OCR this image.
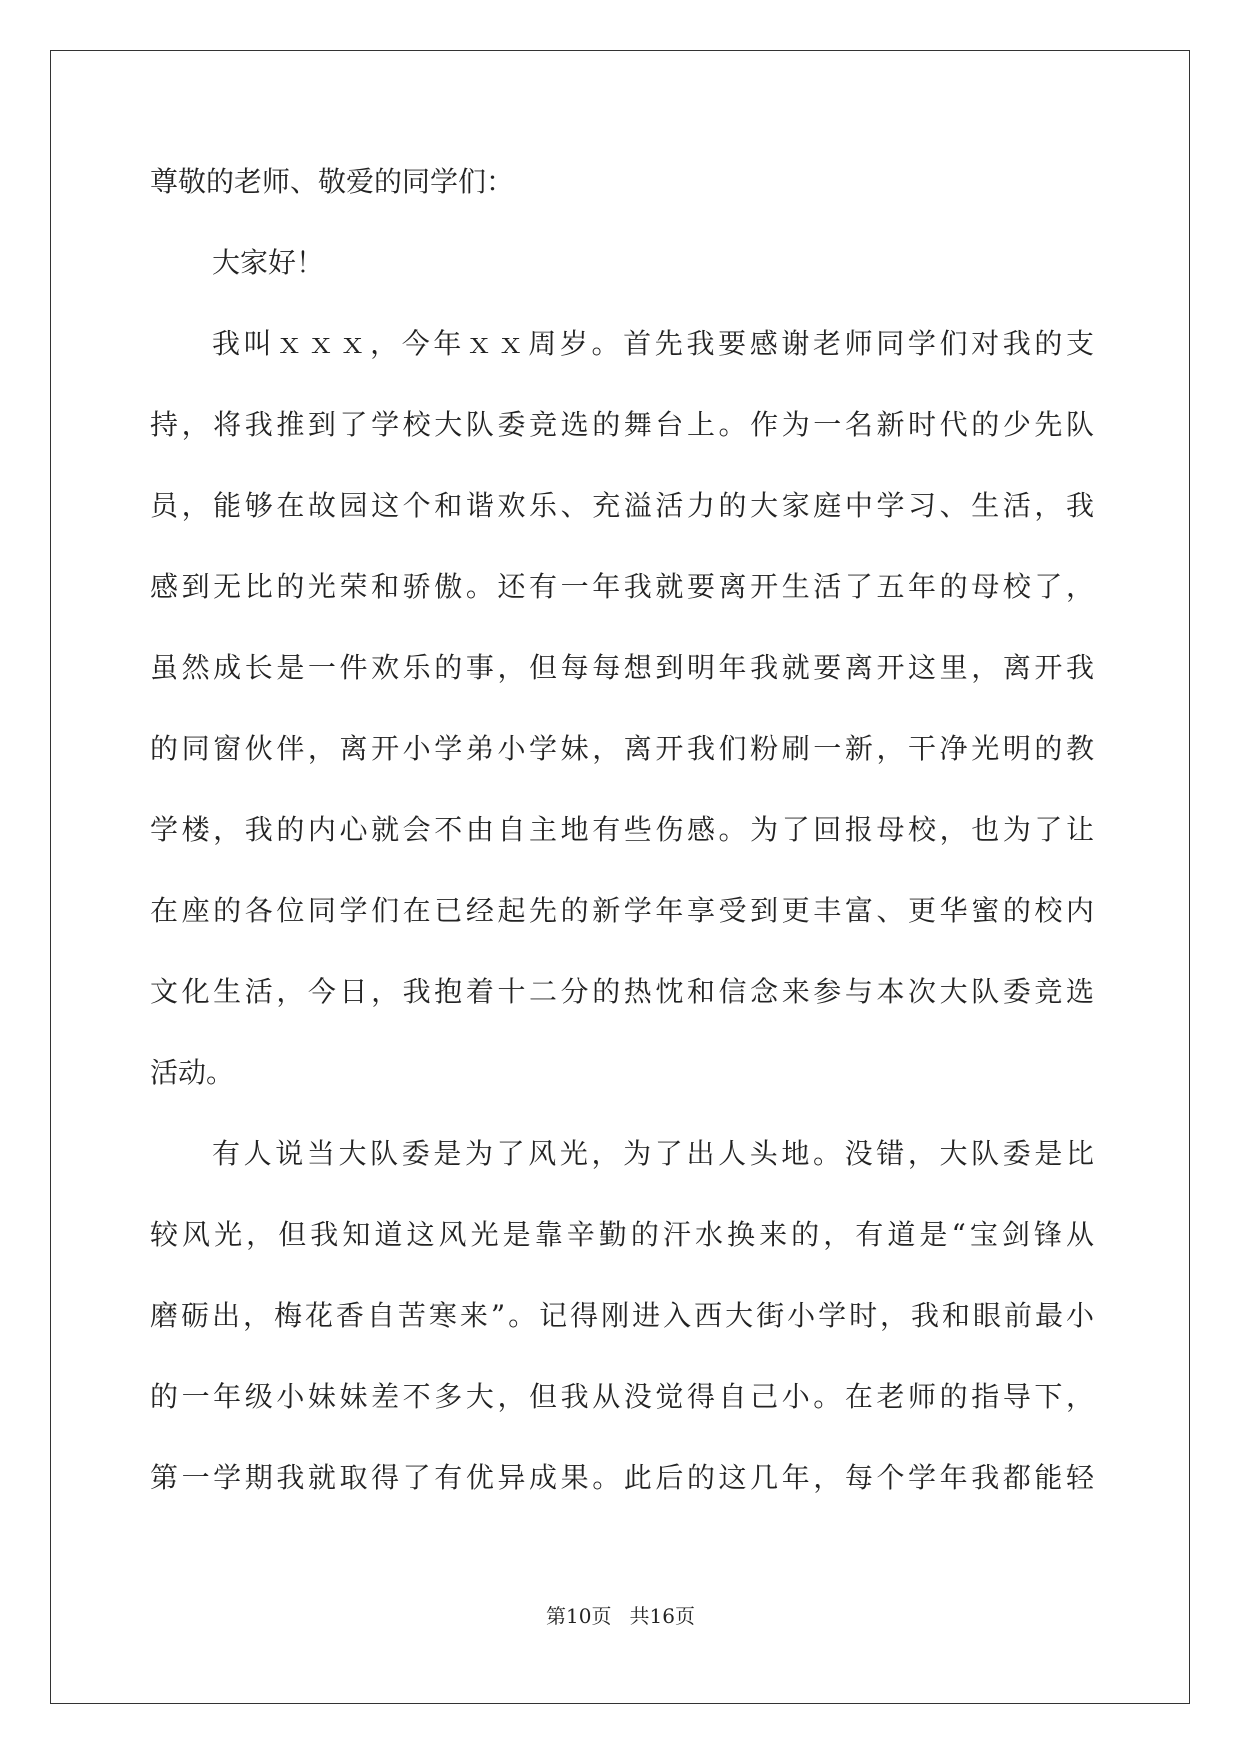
尊敬的老师、敬爱的同学们：
大家好！
我叫ｘｘｘ，今年ｘｘ周岁。首先我要感谢老师同学们对我的支
持，将我推到了学校大队委竞选的舞台上。作为一名新时代的少先队
员，能够在故园这个和谐欢乐、充溢活力的大家庭中学习、生活，我
感到无比的光荣和骄傲。还有一年我就要离开生活了五年的母校了，
虽然成长是一件欢乐的事，但每每想到明年我就要离开这里，离开我
的同窗伙伴，离开小学弟小学妹，离开我们粉刷一新，干净光明的教
学楼，我的内心就会不由自主地有些伤感。为了回报母校，也为了让
在座的各位同学们在已经起先的新学年享受到更丰富、更华蜜的校内
文化生活，今日，我抱着十二分的热忱和信念来参与本次大队委竞选
活动。
有人说当大队委是为了风光，为了出人头地。没错，大队委是比
较风光，但我知道这风光是靠辛勤的汗水换来的，有道是“宝剑锋从
磨砺出，梅花香自苦寒来”。记得刚进入西大街小学时，我和眼前最小
的一年级小妹妹差不多大，但我从没觉得自己小。在老师的指导下，
第一学期我就取得了有优异成果。此后的这几年，每个学年我都能轻
第10页 共16页
